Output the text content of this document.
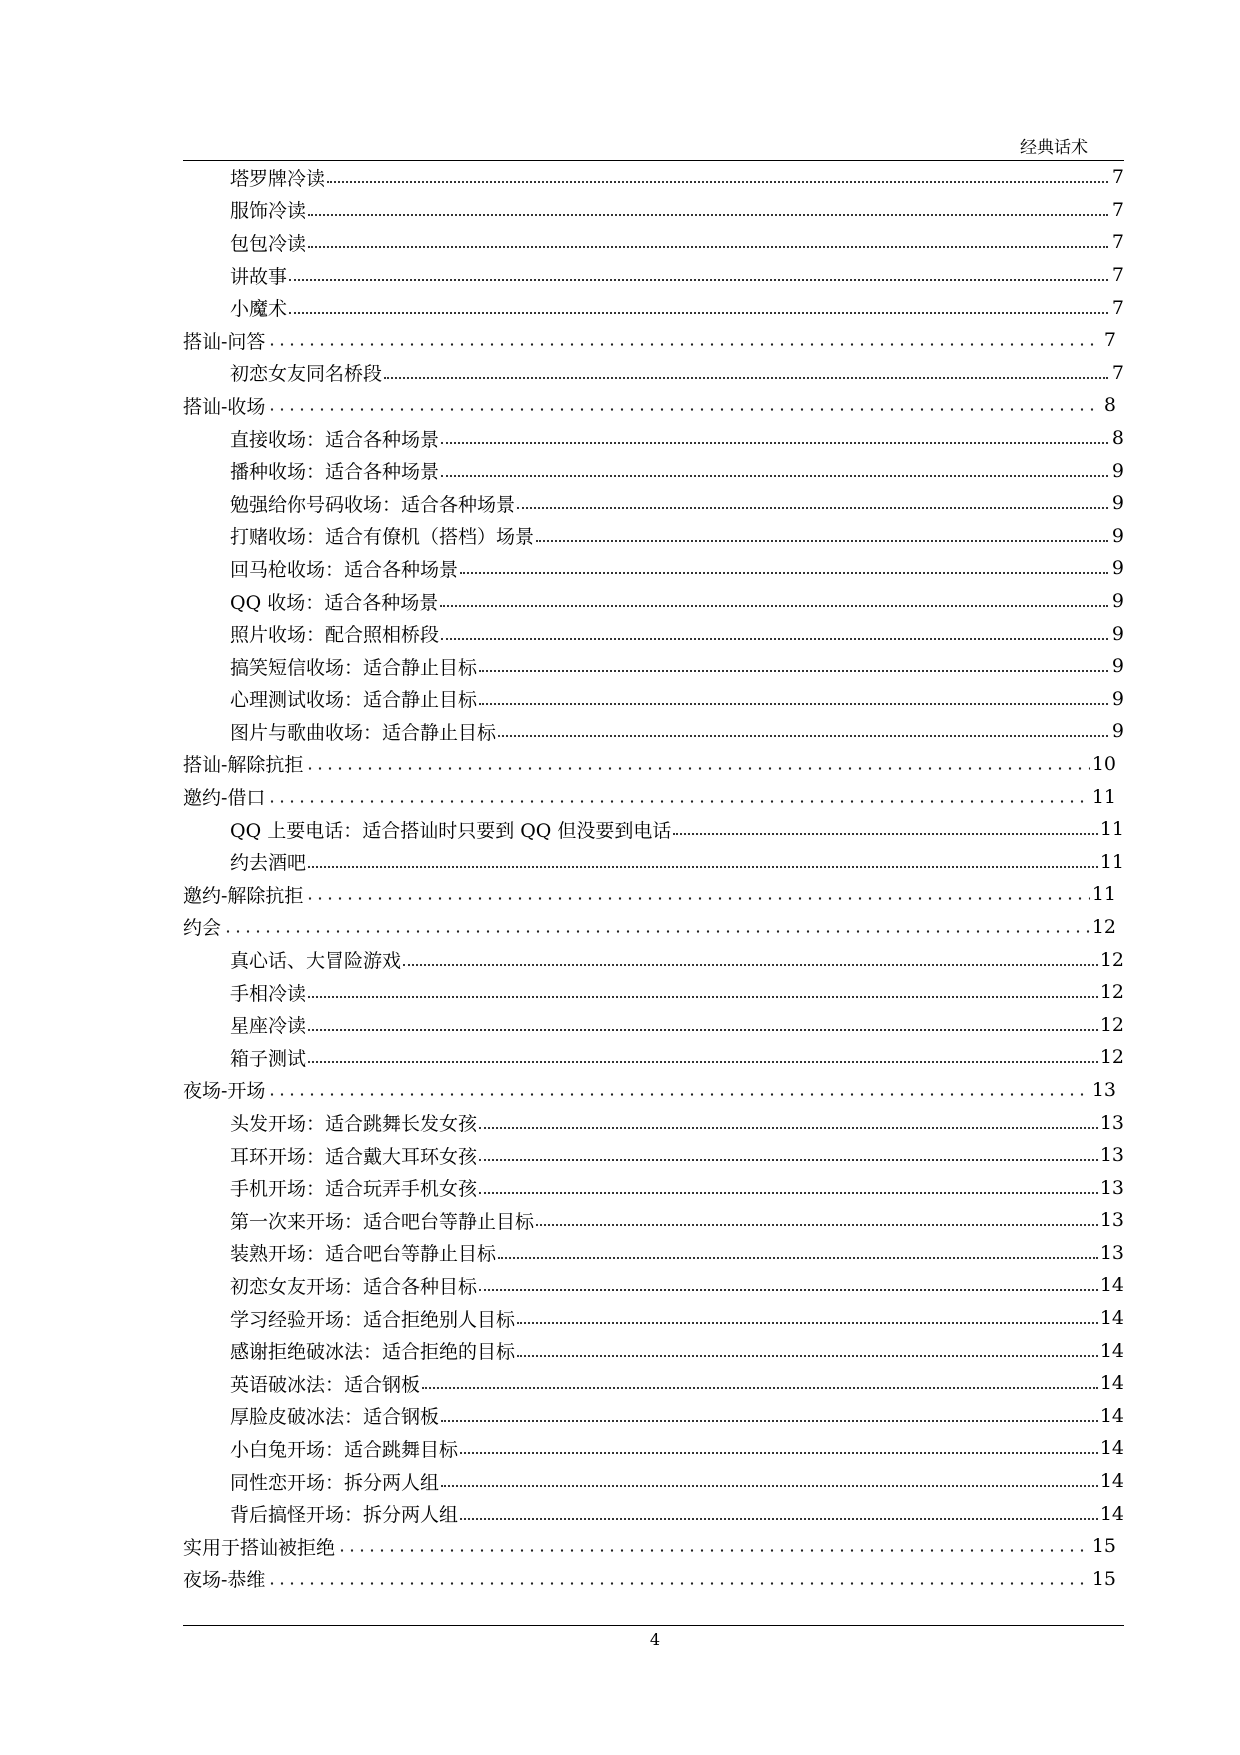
经典话术
塔罗牌冷读	7
服饰冷读	7
包包冷读	7
讲故事	7
小魔术	7
搭讪-问答	7
初恋女友同名桥段	7
搭讪-收场	8
直接收场：适合各种场景	8
播种收场：适合各种场景	9
勉强给你号码收场：适合各种场景	9
打赌收场：适合有僚机（搭档）场景	9
回马枪收场：适合各种场景	9
QQ 收场：适合各种场景	9
照片收场：配合照相桥段	9
搞笑短信收场：适合静止目标	9
心理测试收场：适合静止目标	9
图片与歌曲收场：适合静止目标	9
搭讪-解除抗拒	10
邀约-借口	11
QQ 上要电话：适合搭讪时只要到 QQ 但没要到电话	11
约去酒吧	11
邀约-解除抗拒	11
约会	12
真心话、大冒险游戏	12
手相冷读	12
星座冷读	12
箱子测试	12
夜场-开场	13
头发开场：适合跳舞长发女孩	13
耳环开场：适合戴大耳环女孩	13
手机开场：适合玩弄手机女孩	13
第一次来开场：适合吧台等静止目标	13
装熟开场：适合吧台等静止目标	13
初恋女友开场：适合各种目标	14
学习经验开场：适合拒绝别人目标	14
感谢拒绝破冰法：适合拒绝的目标	14
英语破冰法：适合钢板	14
厚脸皮破冰法：适合钢板	14
小白兔开场：适合跳舞目标	14
同性恋开场：拆分两人组	14
背后搞怪开场：拆分两人组	14
实用于搭讪被拒绝	15
夜场-恭维	15
4
